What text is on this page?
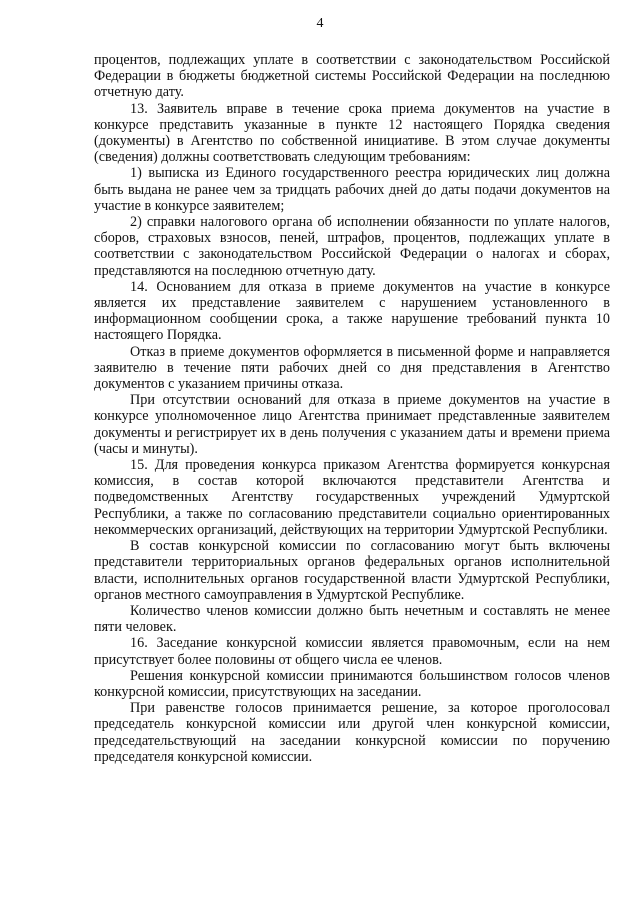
4

процентов, подлежащих уплате в соответствии с законодательством Российской Федерации в бюджеты бюджетной системы Российской Федерации на последнюю отчетную дату.

13. Заявитель вправе в течение срока приема документов на участие в конкурсе представить указанные в пункте 12 настоящего Порядка сведения (документы) в Агентство по собственной инициативе. В этом случае документы (сведения) должны соответствовать следующим требованиям:

1) выписка из Единого государственного реестра юридических лиц должна быть выдана не ранее чем за тридцать рабочих дней до даты подачи документов на участие в конкурсе заявителем;

2) справки налогового органа об исполнении обязанности по уплате налогов, сборов, страховых взносов, пеней, штрафов, процентов, подлежащих уплате в соответствии с законодательством Российской Федерации о налогах и сборах, представляются на последнюю отчетную дату.

14. Основанием для отказа в приеме документов на участие в конкурсе является их представление заявителем с нарушением установленного в информационном сообщении срока, а также нарушение требований пункта 10 настоящего Порядка.

Отказ в приеме документов оформляется в письменной форме и направляется заявителю в течение пяти рабочих дней со дня представления в Агентство документов с указанием причины отказа.

При отсутствии оснований для отказа в приеме документов на участие в конкурсе уполномоченное лицо Агентства принимает представленные заявителем документы и регистрирует их в день получения с указанием даты и времени приема (часы и минуты).

15. Для проведения конкурса приказом Агентства формируется конкурсная комиссия, в состав которой включаются представители Агентства и подведомственных Агентству государственных учреждений Удмуртской Республики, а также по согласованию представители социально ориентированных некоммерческих организаций, действующих на территории Удмуртской Республики.

В состав конкурсной комиссии по согласованию могут быть включены представители территориальных органов федеральных органов исполнительной власти, исполнительных органов государственной власти Удмуртской Республики, органов местного самоуправления в Удмуртской Республике.

Количество членов комиссии должно быть нечетным и составлять не менее пяти человек.

16. Заседание конкурсной комиссии является правомочным, если на нем присутствует более половины от общего числа ее членов.

Решения конкурсной комиссии принимаются большинством голосов членов конкурсной комиссии, присутствующих на заседании.

При равенстве голосов принимается решение, за которое проголосовал председатель конкурсной комиссии или другой член конкурсной комиссии, председательствующий на заседании конкурсной комиссии по поручению председателя конкурсной комиссии.
